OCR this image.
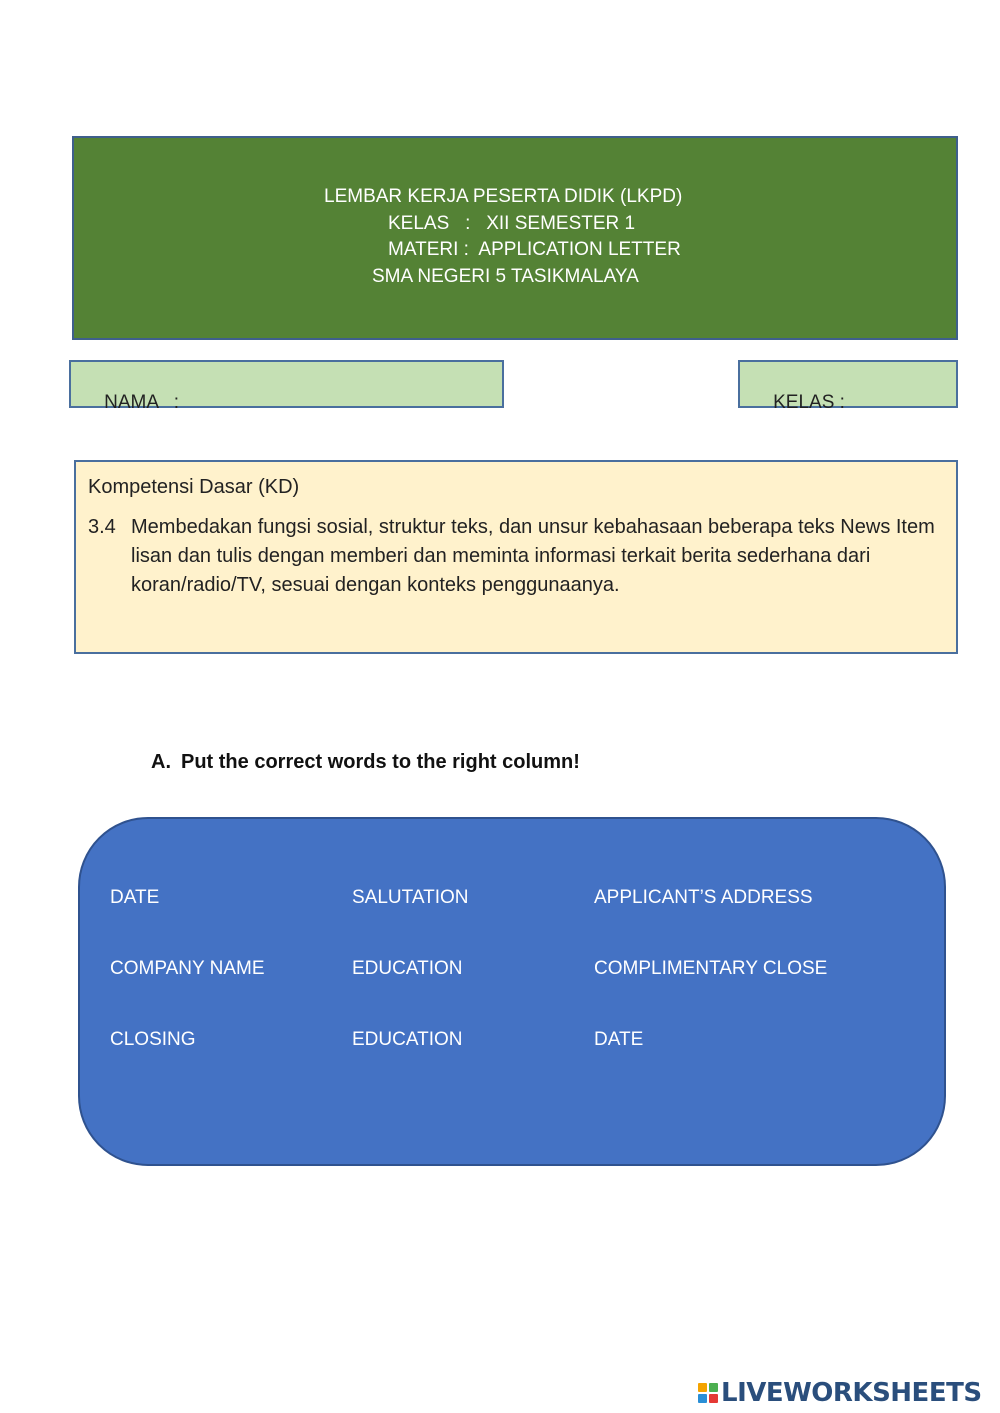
LEMBAR KERJA PESERTA DIDIK (LKPD)
KELAS   :   XII SEMESTER 1
MATERI :  APPLICATION LETTER
SMA NEGERI 5 TASIKMALAYA

NAMA   :
	KELAS :

Kompetensi Dasar (KD)
3.4 Membedakan fungsi sosial, struktur teks, dan unsur kebahasaan beberapa teks News Item lisan dan tulis dengan memberi dan meminta informasi terkait berita sederhana dari koran/radio/TV, sesuai dengan konteks penggunaanya.
A. Put the correct words to the right column!
DATE	SALUTATION	APPLICANT’S ADDRESS
COMPANY NAME	EDUCATION	COMPLIMENTARY CLOSE
CLOSING	EDUCATION	DATE
LIVEWORKSHEETS
